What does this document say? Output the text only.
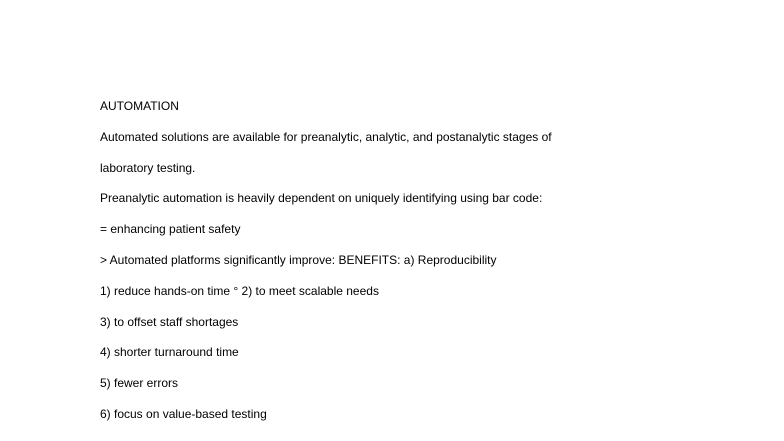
AUTOMATION
Automated solutions are available for preanalytic, analytic, and postanalytic stages of
laboratory testing.
Preanalytic automation is heavily dependent on uniquely identifying using bar code:
= enhancing patient safety
> Automated platforms significantly improve: BENEFITS: a) Reproducibility
1) reduce hands-on time ° 2) to meet scalable needs
3) to offset staff shortages
4) shorter turnaround time
5) fewer errors
6) focus on value-based testing
